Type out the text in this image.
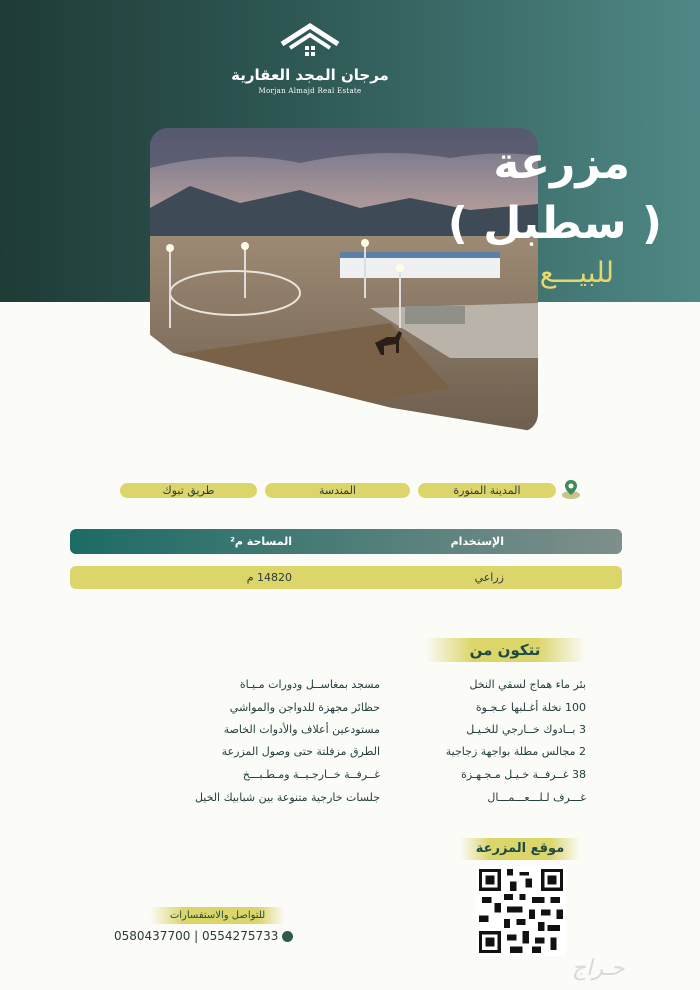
مرجان المجد العقارية
Morjan Almajd Real Estate
مزرعة
( سطبل )
للبيـــع
المدينة المنورة
المندسة
طريق تبوك
الإستخدام
المساحة م²
زراعي
14820 م
تتكون من
بئر ماء هماج لسقي النخل
100 نخلة أغـلبها عـجـوة
3 بــادوك خــارجي للخـيـل
2 مجالس مطلة بواجهة زجاجية
38 غــرفــة خـيـل مـجـهـزة
غـــرف لـلـــعـــمـــال
مسجد بمغاســل ودورات مـيـاة
حظائر مجهزة للدواجن والمواشي
مستودعين أعلاف والأدوات الخاصة
الطرق مزفلتة حتى وصول المزرعة
غــرفــة خــارجـيــة ومـطـبـــخ
جلسات خارجية متنوعة بين شبابيك الخيل
موقع المزرعة
للتواصل والاستفسارات
0580437700 | 0554275733
حـراج
